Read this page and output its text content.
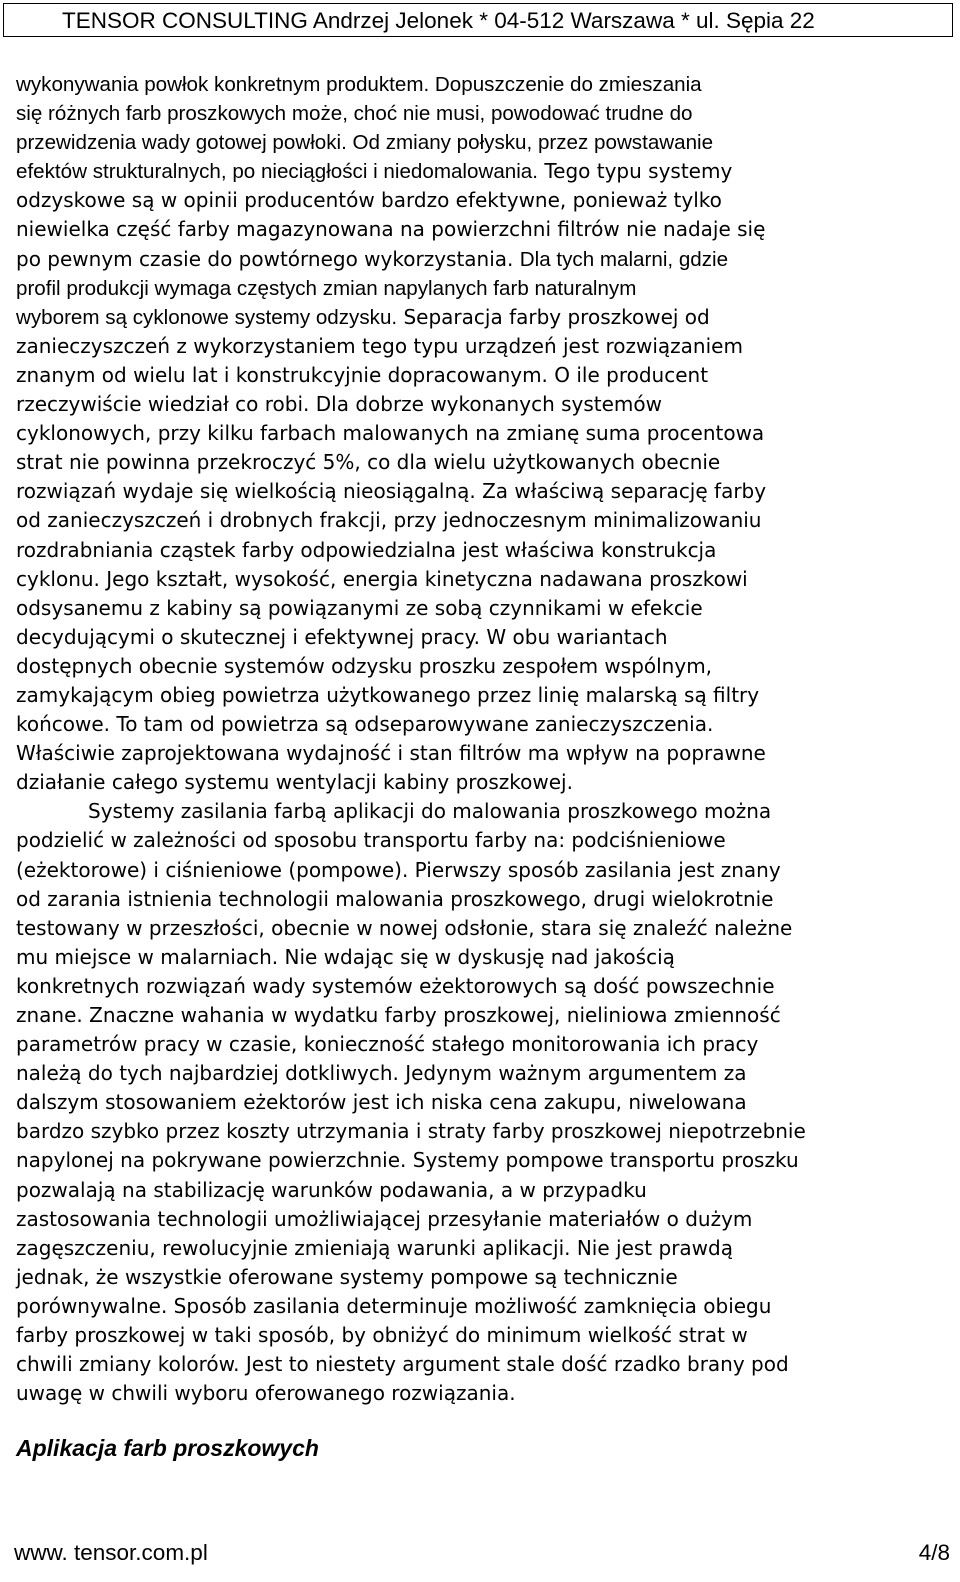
TENSOR CONSULTING Andrzej Jelonek * 04-512 Warszawa * ul. Sępia 22
wykonywania powłok konkretnym produktem. Dopuszczenie do zmieszania
się różnych farb proszkowych może, choć nie musi, powodować trudne do
przewidzenia wady gotowej powłoki. Od zmiany połysku, przez powstawanie
efektów strukturalnych, po nieciągłości i niedomalowania. Tego typu systemy
odzyskowe są w opinii producentów bardzo efektywne, ponieważ tylko
niewielka część farby magazynowana na powierzchni filtrów nie nadaje się
po pewnym czasie do powtórnego wykorzystania. Dla tych malarni, gdzie
profil produkcji wymaga częstych zmian napylanych farb naturalnym
wyborem są cyklonowe systemy odzysku. Separacja farby proszkowej od
zanieczyszczeń z wykorzystaniem tego typu urządzeń jest rozwiązaniem
znanym od wielu lat i konstrukcyjnie dopracowanym. O ile producent
rzeczywiście wiedział co robi. Dla dobrze wykonanych systemów
cyklonowych, przy kilku farbach malowanych na zmianę suma procentowa
strat nie powinna przekroczyć 5%, co dla wielu użytkowanych obecnie
rozwiązań wydaje się wielkością nieosiągalną. Za właściwą separację farby
od zanieczyszczeń i drobnych frakcji, przy jednoczesnym minimalizowaniu
rozdrabniania cząstek farby odpowiedzialna jest właściwa konstrukcja
cyklonu. Jego kształt, wysokość, energia kinetyczna nadawana proszkowi
odsysanemu z kabiny są powiązanymi ze sobą czynnikami w efekcie
decydującymi o skutecznej i efektywnej pracy. W obu wariantach
dostępnych obecnie systemów odzysku proszku zespołem wspólnym,
zamykającym obieg powietrza użytkowanego przez linię malarską są filtry
końcowe. To tam od powietrza są odseparowywane zanieczyszczenia.
Właściwie zaprojektowana wydajność i stan filtrów ma wpływ na poprawne
działanie całego systemu wentylacji kabiny proszkowej.
Systemy zasilania farbą aplikacji do malowania proszkowego można
podzielić w zależności od sposobu transportu farby na: podciśnieniowe
(eżektorowe) i ciśnieniowe (pompowe). Pierwszy sposób zasilania jest znany
od zarania istnienia technologii malowania proszkowego, drugi wielokrotnie
testowany w przeszłości, obecnie w nowej odsłonie, stara się znaleźć należne
mu miejsce w malarniach. Nie wdając się w dyskusję nad jakością
konkretnych rozwiązań wady systemów eżektorowych są dość powszechnie
znane. Znaczne wahania w wydatku farby proszkowej, nieliniowa zmienność
parametrów pracy w czasie, konieczność stałego monitorowania ich pracy
należą do tych najbardziej dotkliwych. Jedynym ważnym argumentem za
dalszym stosowaniem eżektorów jest ich niska cena zakupu, niwelowana
bardzo szybko przez koszty utrzymania i straty farby proszkowej niepotrzebnie
napylonej na pokrywane powierzchnie. Systemy pompowe transportu proszku
pozwalają na stabilizację warunków podawania, a w przypadku
zastosowania technologii umożliwiającej przesyłanie materiałów o dużym
zagęszczeniu, rewolucyjnie zmieniają warunki aplikacji. Nie jest prawdą
jednak, że wszystkie oferowane systemy pompowe są technicznie
porównywalne. Sposób zasilania determinuje możliwość zamknięcia obiegu
farby proszkowej w taki sposób, by obniżyć do minimum wielkość strat w
chwili zmiany kolorów. Jest to niestety argument stale dość rzadko brany pod
uwagę w chwili wyboru oferowanego rozwiązania.
Aplikacja farb proszkowych
www. tensor.com.pl	4/8
